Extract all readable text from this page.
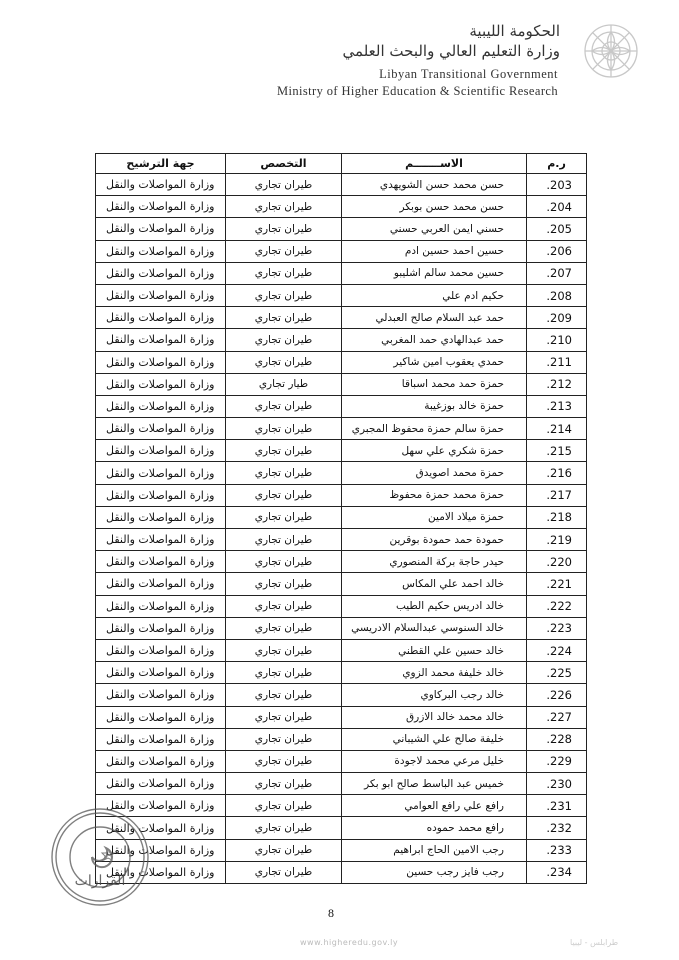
الحكومة الليبية
وزارة التعليم العالي والبحث العلمي
Libyan Transitional Government
Ministry of Higher Education & Scientific Research
ر.م	الاســـــــم	التخصص	جهة الترشيح
203.	حسن محمد حسن الشويهدي	طيران تجاري	وزارة المواصلات والنقل
204.	حسن محمد حسن بوبكر	طيران تجاري	وزارة المواصلات والنقل
205.	حسني ايمن العربي حسني	طيران تجاري	وزارة المواصلات والنقل
206.	حسين احمد حسين ادم	طيران تجاري	وزارة المواصلات والنقل
207.	حسين محمد سالم اشليبو	طيران تجاري	وزارة المواصلات والنقل
208.	حكيم ادم علي	طيران تجاري	وزارة المواصلات والنقل
209.	حمد عبد السلام صالح العبدلي	طيران تجاري	وزارة المواصلات والنقل
210.	حمد عبدالهادي حمد المغربي	طيران تجاري	وزارة المواصلات والنقل
211.	حمدي يعقوب امين شاكير	طيران تجاري	وزارة المواصلات والنقل
212.	حمزة حمد محمد اسباقا	طيار تجاري	وزارة المواصلات والنقل
213.	حمزة خالد بوزغيبة	طيران تجاري	وزارة المواصلات والنقل
214.	حمزة سالم حمزة محفوظ المجبري	طيران تجاري	وزارة المواصلات والنقل
215.	حمزة شكري علي سهل	طيران تجاري	وزارة المواصلات والنقل
216.	حمزة محمد اصويدق	طيران تجاري	وزارة المواصلات والنقل
217.	حمزة محمد حمزة محفوظ	طيران تجاري	وزارة المواصلات والنقل
218.	حمزة ميلاد الامين	طيران تجاري	وزارة المواصلات والنقل
219.	حمودة حمد حمودة بوقرين	طيران تجاري	وزارة المواصلات والنقل
220.	حيدر حاجة بركة المنصوري	طيران تجاري	وزارة المواصلات والنقل
221.	خالد احمد علي المكاس	طيران تجاري	وزارة المواصلات والنقل
222.	خالد ادريس حكيم الطيب	طيران تجاري	وزارة المواصلات والنقل
223.	خالد السنوسي عبدالسلام الادريسي	طيران تجاري	وزارة المواصلات والنقل
224.	خالد حسين علي القطني	طيران تجاري	وزارة المواصلات والنقل
225.	خالد خليفة محمد الزوي	طيران تجاري	وزارة المواصلات والنقل
226.	خالد رجب البركاوي	طيران تجاري	وزارة المواصلات والنقل
227.	خالد محمد خالد الازرق	طيران تجاري	وزارة المواصلات والنقل
228.	خليفة صالح علي الشيباني	طيران تجاري	وزارة المواصلات والنقل
229.	خليل مرعي محمد لاجودة	طيران تجاري	وزارة المواصلات والنقل
230.	خميس عبد الباسط صالح ابو بكر	طيران تجاري	وزارة المواصلات والنقل
231.	رافع علي رافع العوامي	طيران تجاري	وزارة المواصلات والنقل
232.	رافع محمد حموده	طيران تجاري	وزارة المواصلات والنقل
233.	رجب الامين الحاج ابراهيم	طيران تجاري	وزارة المواصلات والنقل
234.	رجب فايز رجب حسين	طيران تجاري	وزارة المواصلات والنقل
8
www.higheredu.gov.ly	طرابلس - ليبيا
القرارات
